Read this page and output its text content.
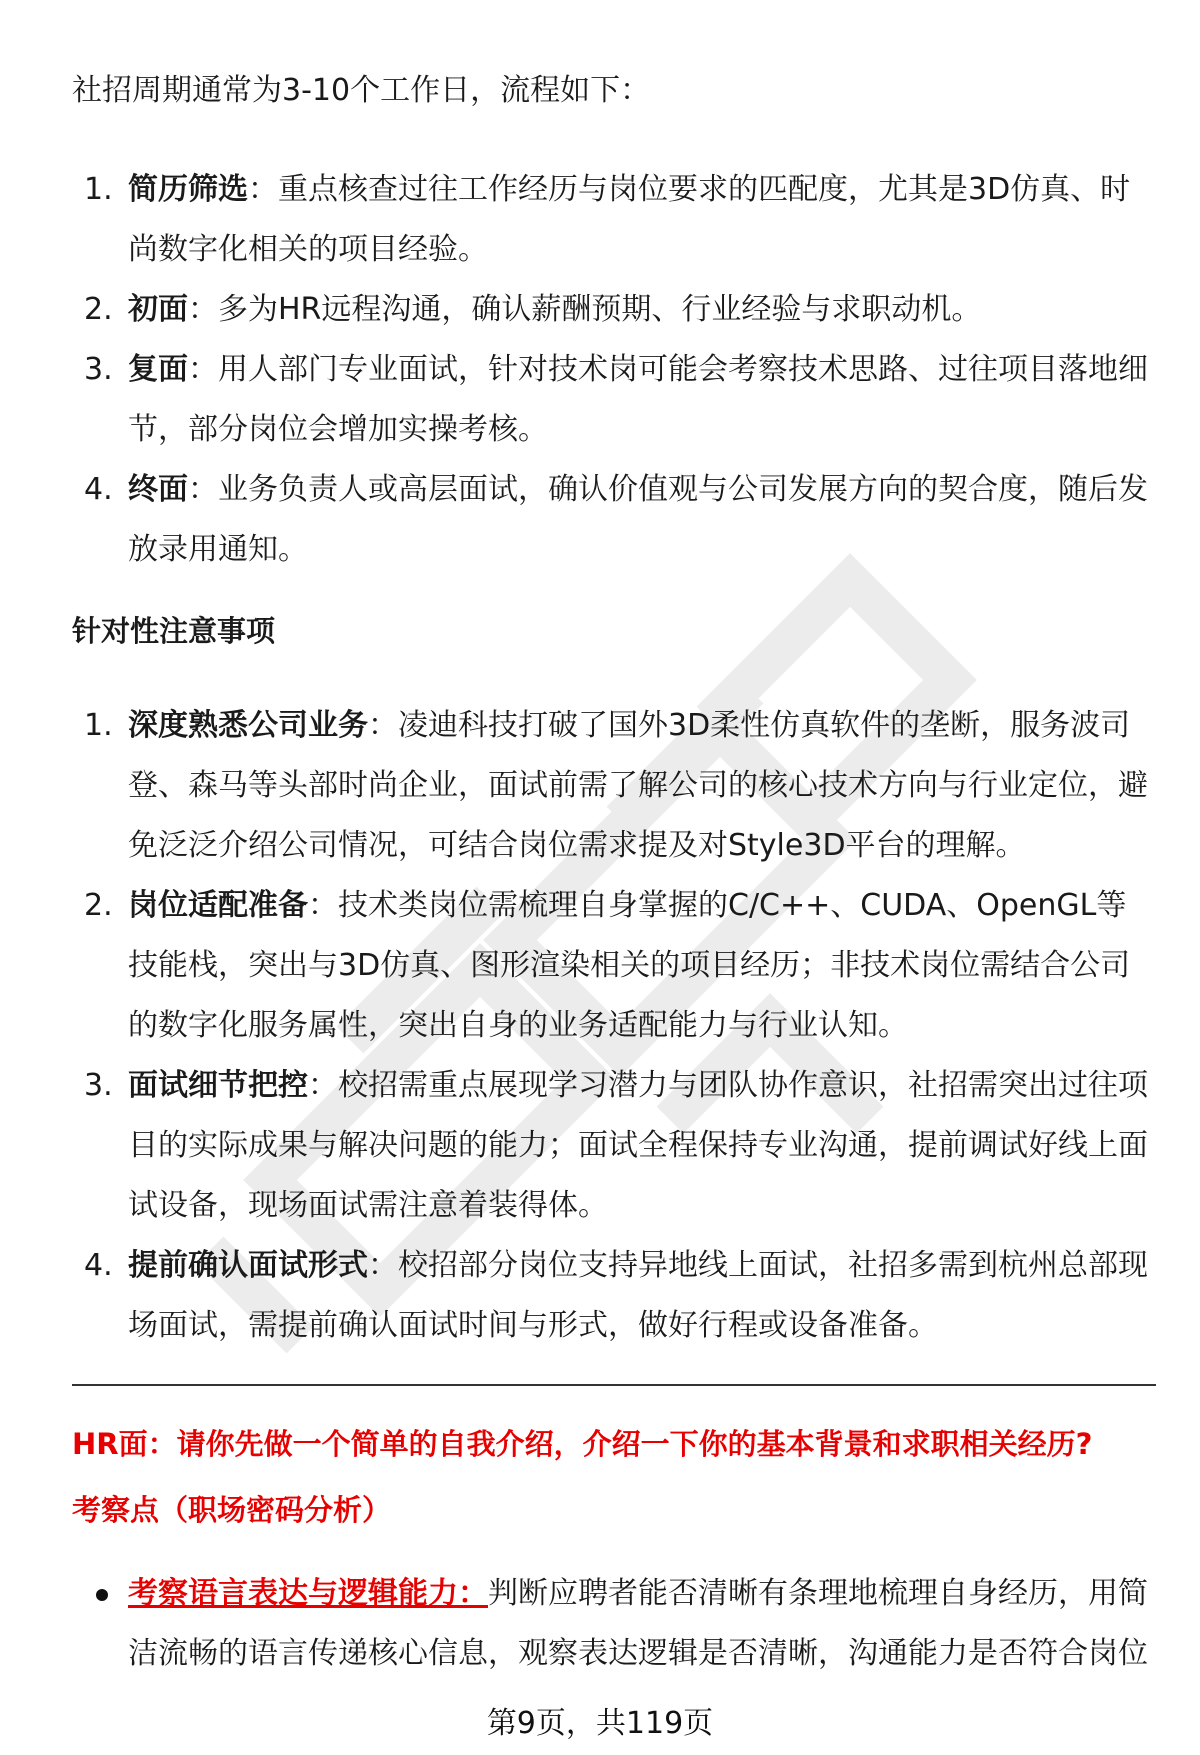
社招周期通常为3-10个工作日，流程如下：

1. 简历筛选：重点核查过往工作经历与岗位要求的匹配度，尤其是3D仿真、时尚数字化相关的项目经验。
2. 初面：多为HR远程沟通，确认薪酬预期、行业经验与求职动机。
3. 复面：用人部门专业面试，针对技术岗可能会考察技术思路、过往项目落地细节，部分岗位会增加实操考核。
4. 终面：业务负责人或高层面试，确认价值观与公司发展方向的契合度，随后发放录用通知。
针对性注意事项
1. 深度熟悉公司业务：凌迪科技打破了国外3D柔性仿真软件的垄断，服务波司登、森马等头部时尚企业，面试前需了解公司的核心技术方向与行业定位，避免泛泛介绍公司情况，可结合岗位需求提及对Style3D平台的理解。
2. 岗位适配准备：技术类岗位需梳理自身掌握的C/C++、CUDA、OpenGL等技能栈，突出与3D仿真、图形渲染相关的项目经历；非技术岗位需结合公司的数字化服务属性，突出自身的业务适配能力与行业认知。
3. 面试细节把控：校招需重点展现学习潜力与团队协作意识，社招需突出过往项目的实际成果与解决问题的能力；面试全程保持专业沟通，提前调试好线上面试设备，现场面试需注意着装得体。
4. 提前确认面试形式：校招部分岗位支持异地线上面试，社招多需到杭州总部现场面试，需提前确认面试时间与形式，做好行程或设备准备。
HR面：请你先做一个简单的自我介绍，介绍一下你的基本背景和求职相关经历?
考察点（职场密码分析）
考察语言表达与逻辑能力：判断应聘者能否清晰有条理地梳理自身经历，用简洁流畅的语言传递核心信息，观察表达逻辑是否清晰，沟通能力是否符合岗位
第9页，共119页
